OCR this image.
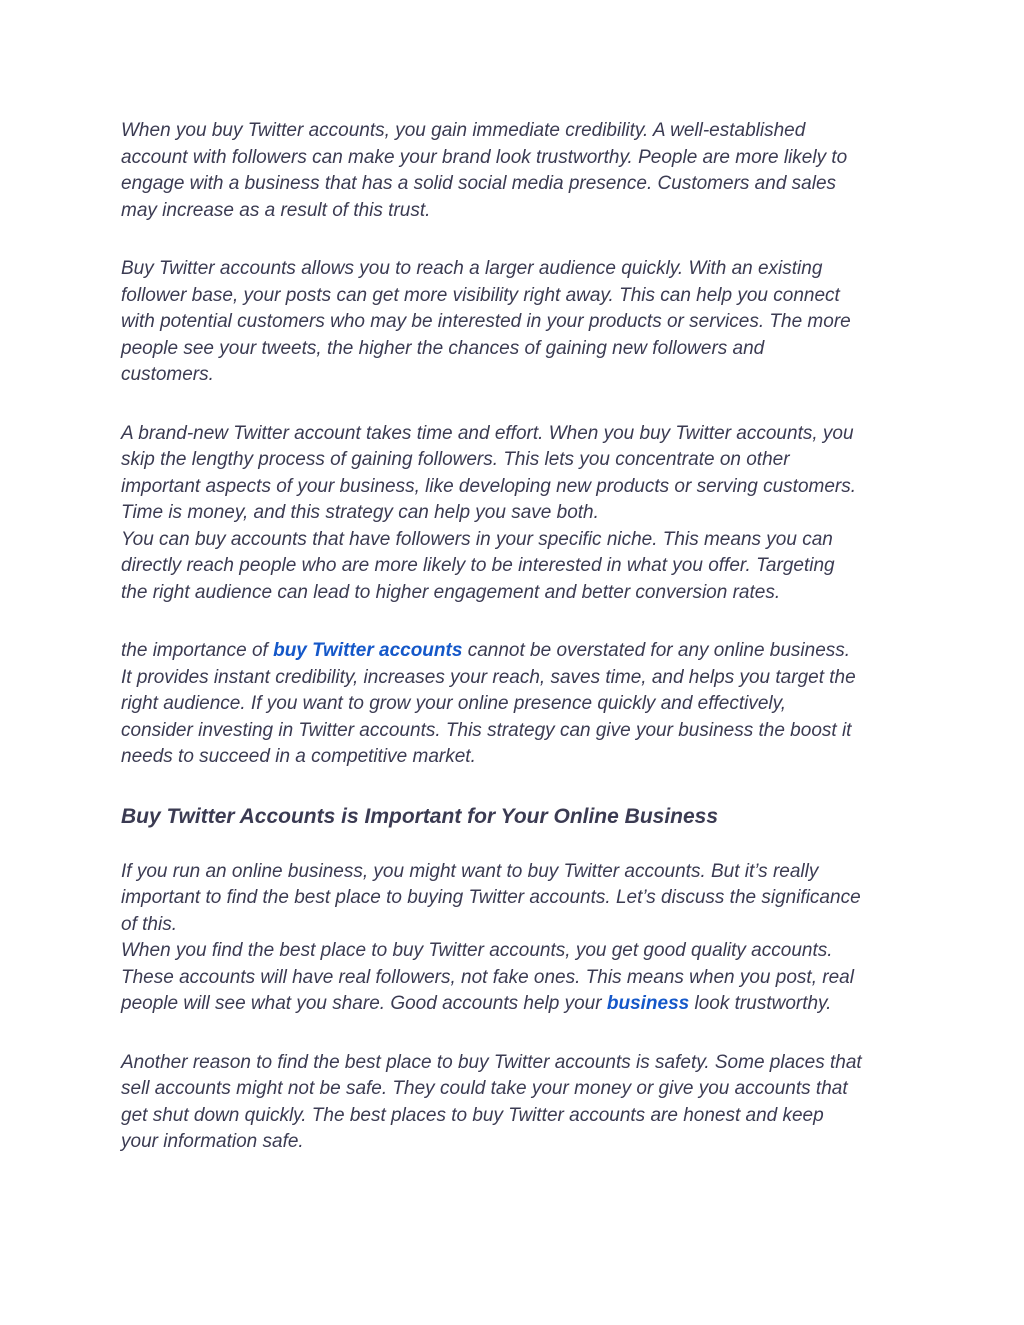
When you buy Twitter accounts, you gain immediate credibility. A well-established
account with followers can make your brand look trustworthy. People are more likely to
engage with a business that has a solid social media presence. Customers and sales
may increase as a result of this trust.

Buy Twitter accounts allows you to reach a larger audience quickly. With an existing
follower base, your posts can get more visibility right away. This can help you connect
with potential customers who may be interested in your products or services. The more
people see your tweets, the higher the chances of gaining new followers and
customers.

A brand-new Twitter account takes time and effort. When you buy Twitter accounts, you
skip the lengthy process of gaining followers. This lets you concentrate on other
important aspects of your business, like developing new products or serving customers.
Time is money, and this strategy can help you save both.
You can buy accounts that have followers in your specific niche. This means you can
directly reach people who are more likely to be interested in what you offer. Targeting
the right audience can lead to higher engagement and better conversion rates.

the importance of buy Twitter accounts cannot be overstated for any online business.
It provides instant credibility, increases your reach, saves time, and helps you target the
right audience. If you want to grow your online presence quickly and effectively,
consider investing in Twitter accounts. This strategy can give your business the boost it
needs to succeed in a competitive market.

Buy Twitter Accounts is Important for Your Online Business

If you run an online business, you might want to buy Twitter accounts. But it’s really
important to find the best place to buying Twitter accounts. Let’s discuss the significance
of this.
When you find the best place to buy Twitter accounts, you get good quality accounts.
These accounts will have real followers, not fake ones. This means when you post, real
people will see what you share. Good accounts help your business look trustworthy.

Another reason to find the best place to buy Twitter accounts is safety. Some places that
sell accounts might not be safe. They could take your money or give you accounts that
get shut down quickly. The best places to buy Twitter accounts are honest and keep
your information safe.
